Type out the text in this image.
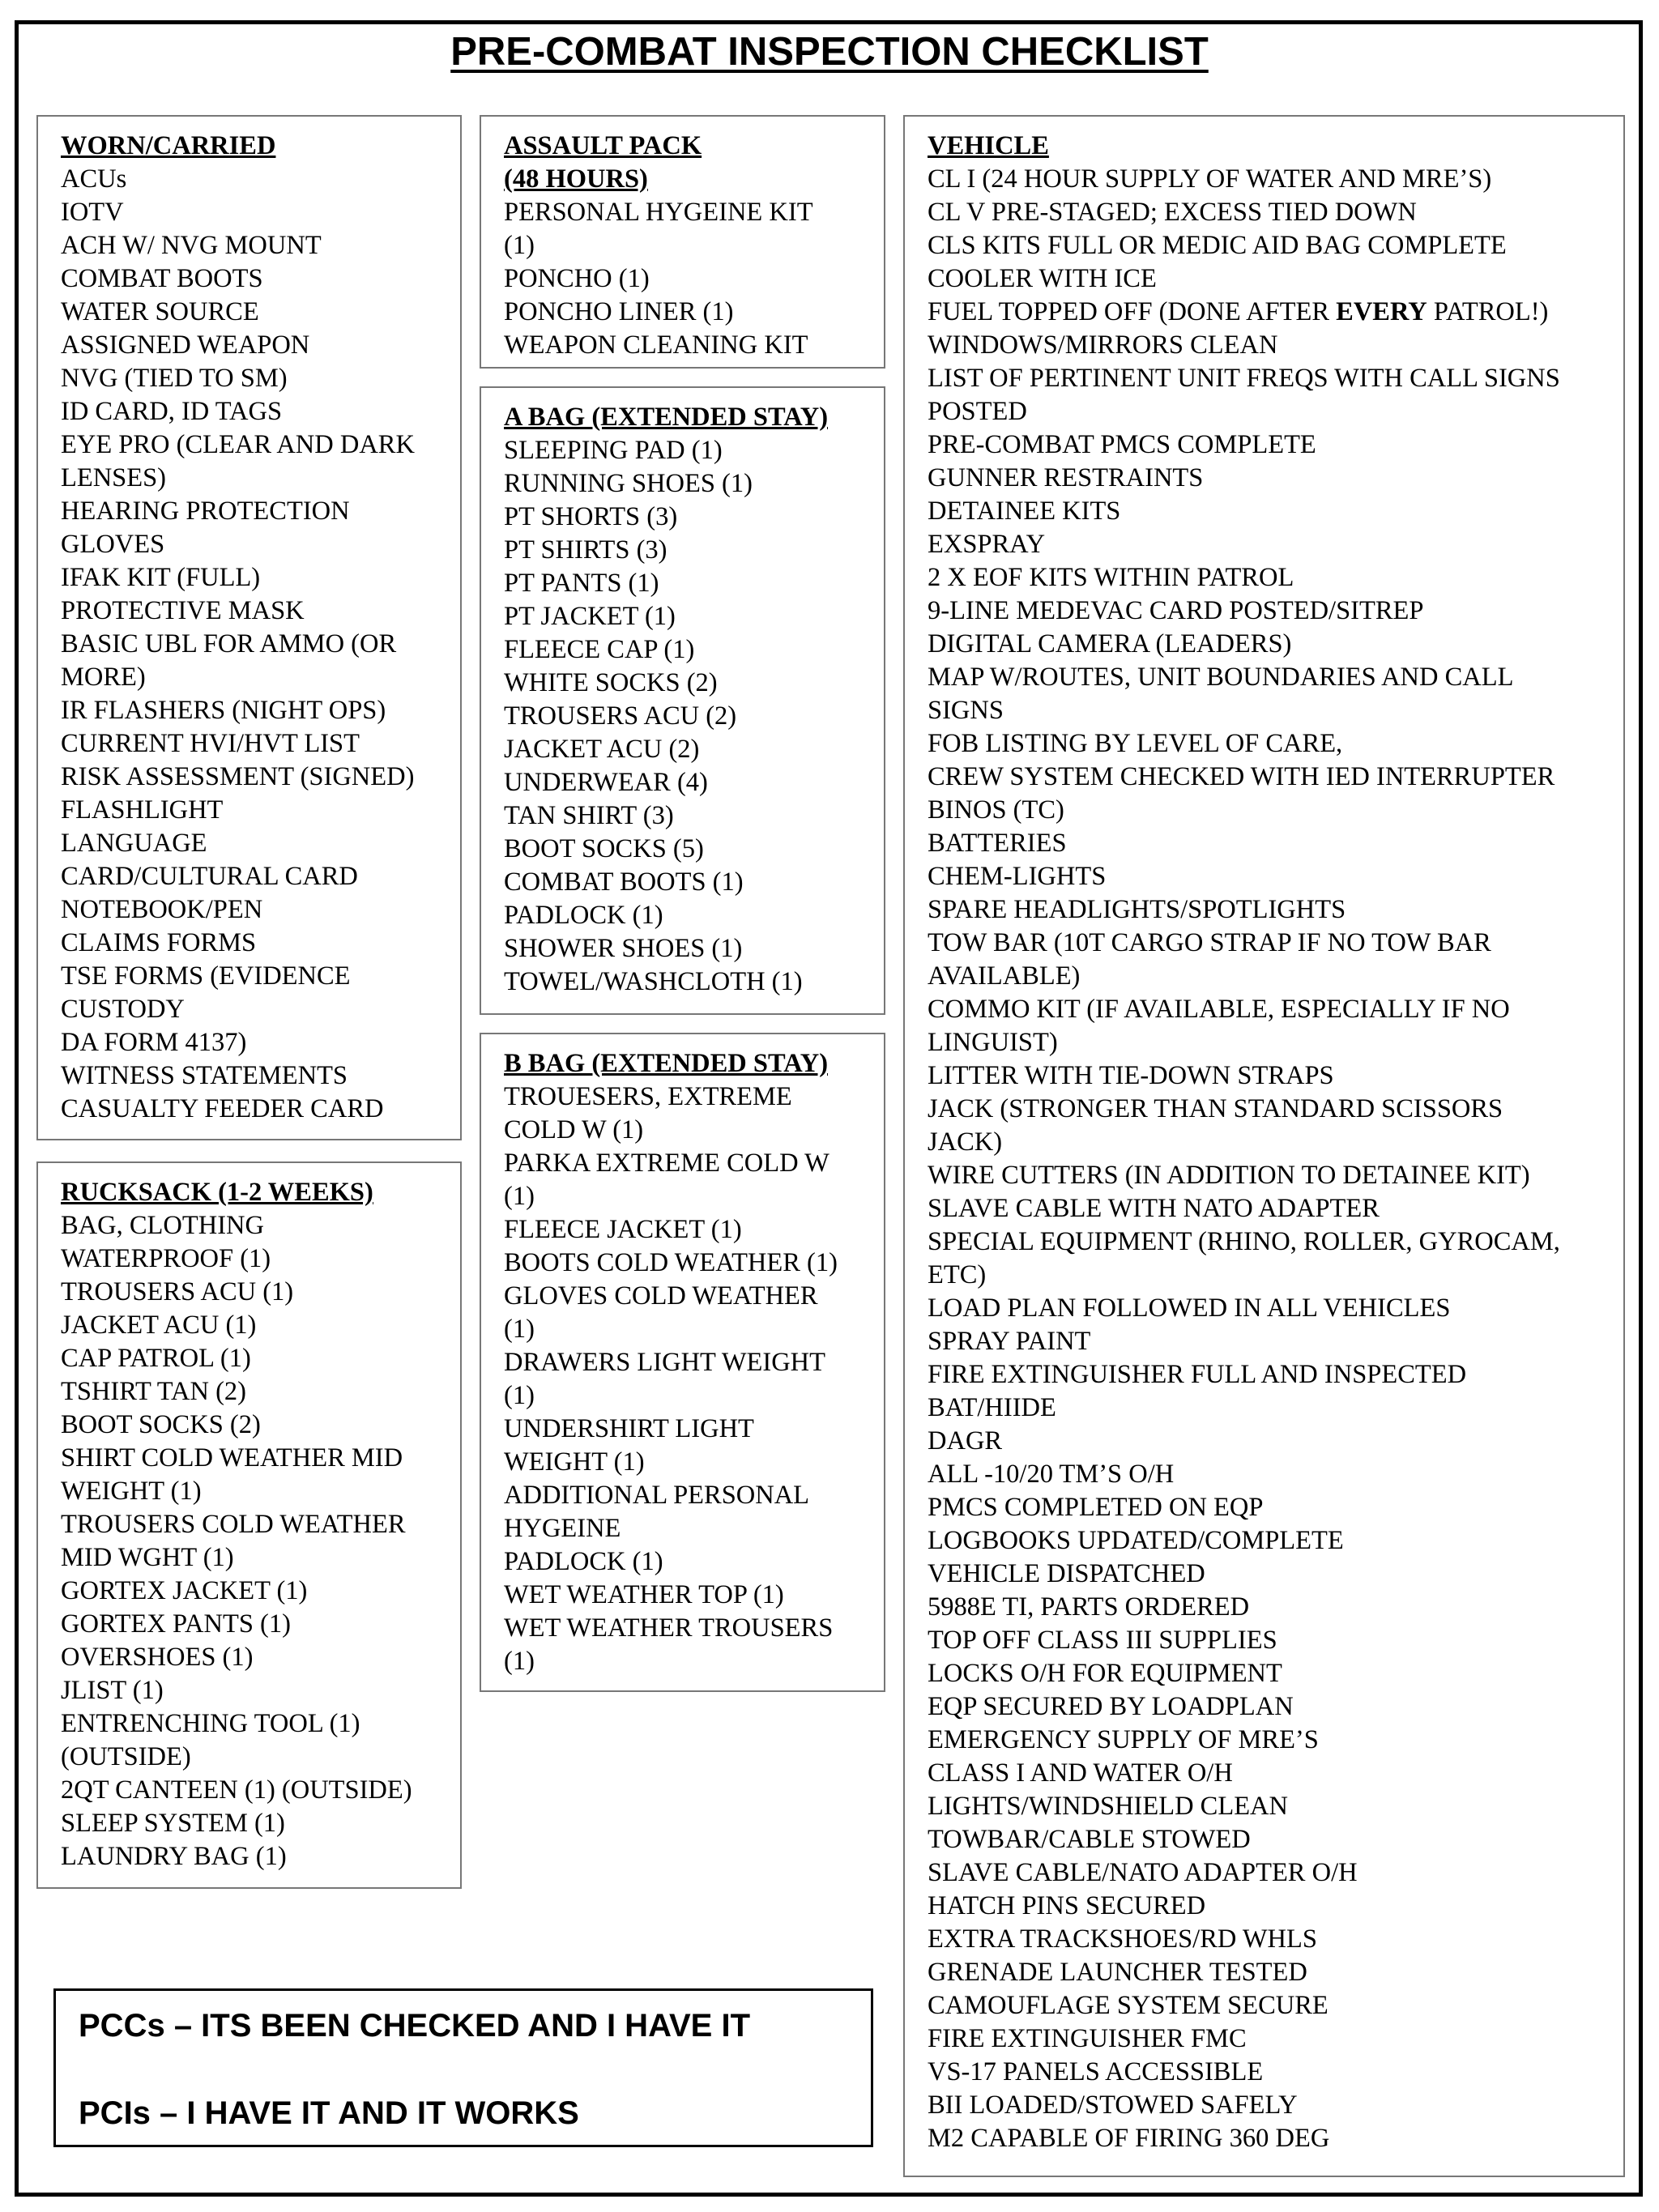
PRE-COMBAT INSPECTION CHECKLIST
WORN/CARRIED
ACUs
IOTV
ACH W/ NVG MOUNT
COMBAT BOOTS
WATER SOURCE
ASSIGNED WEAPON
NVG (TIED TO SM)
ID CARD, ID TAGS
EYE PRO (CLEAR AND DARK
LENSES)
HEARING PROTECTION
GLOVES
IFAK KIT (FULL)
PROTECTIVE MASK
BASIC UBL FOR AMMO (OR
MORE)
IR FLASHERS (NIGHT OPS)
CURRENT HVI/HVT LIST
RISK ASSESSMENT (SIGNED)
FLASHLIGHT
LANGUAGE
CARD/CULTURAL CARD
NOTEBOOK/PEN
CLAIMS FORMS
TSE FORMS (EVIDENCE
CUSTODY
DA FORM 4137)
WITNESS STATEMENTS
CASUALTY FEEDER CARD
RUCKSACK (1-2 WEEKS)
BAG, CLOTHING
WATERPROOF (1)
TROUSERS ACU (1)
JACKET ACU (1)
CAP PATROL (1)
TSHIRT TAN (2)
BOOT SOCKS (2)
SHIRT COLD WEATHER MID
WEIGHT (1)
TROUSERS COLD WEATHER
MID WGHT (1)
GORTEX JACKET (1)
GORTEX PANTS (1)
OVERSHOES (1)
JLIST (1)
ENTRENCHING TOOL (1)
(OUTSIDE)
2QT CANTEEN (1) (OUTSIDE)
SLEEP SYSTEM (1)
LAUNDRY BAG (1)
ASSAULT PACK
(48 HOURS)
PERSONAL HYGEINE KIT
(1)
PONCHO (1)
PONCHO LINER (1)
WEAPON CLEANING KIT
A BAG (EXTENDED STAY)
SLEEPING PAD (1)
RUNNING SHOES (1)
PT SHORTS (3)
PT SHIRTS (3)
PT PANTS (1)
PT JACKET (1)
FLEECE CAP (1)
WHITE SOCKS (2)
TROUSERS ACU (2)
JACKET ACU (2)
UNDERWEAR (4)
TAN SHIRT (3)
BOOT SOCKS (5)
COMBAT BOOTS (1)
PADLOCK (1)
SHOWER SHOES (1)
TOWEL/WASHCLOTH (1)
B BAG (EXTENDED STAY)
TROUESERS, EXTREME
COLD W (1)
PARKA EXTREME COLD W
(1)
FLEECE JACKET (1)
BOOTS COLD WEATHER (1)
GLOVES COLD WEATHER
(1)
DRAWERS LIGHT WEIGHT
(1)
UNDERSHIRT LIGHT
WEIGHT (1)
ADDITIONAL PERSONAL
HYGEINE
PADLOCK (1)
WET WEATHER TOP (1)
WET WEATHER TROUSERS
(1)
VEHICLE
CL I (24 HOUR SUPPLY OF WATER AND MRE’S)
CL V PRE-STAGED; EXCESS TIED DOWN
CLS KITS FULL OR MEDIC AID BAG COMPLETE
COOLER WITH ICE
FUEL TOPPED OFF (DONE AFTER EVERY PATROL!)
WINDOWS/MIRRORS CLEAN
LIST OF PERTINENT UNIT FREQS WITH CALL SIGNS
POSTED
PRE-COMBAT PMCS COMPLETE
GUNNER RESTRAINTS
DETAINEE KITS
EXSPRAY
2 X EOF KITS WITHIN PATROL
9-LINE MEDEVAC CARD POSTED/SITREP
DIGITAL CAMERA (LEADERS)
MAP W/ROUTES, UNIT BOUNDARIES AND CALL
SIGNS
FOB LISTING BY LEVEL OF CARE,
CREW SYSTEM CHECKED WITH IED INTERRUPTER
BINOS (TC)
BATTERIES
CHEM-LIGHTS
SPARE HEADLIGHTS/SPOTLIGHTS
TOW BAR (10T CARGO STRAP IF NO TOW BAR
AVAILABLE)
COMMO KIT (IF AVAILABLE, ESPECIALLY IF NO
LINGUIST)
LITTER WITH TIE-DOWN STRAPS
JACK (STRONGER THAN STANDARD SCISSORS
JACK)
WIRE CUTTERS (IN ADDITION TO DETAINEE KIT)
SLAVE CABLE WITH NATO ADAPTER
SPECIAL EQUIPMENT (RHINO, ROLLER, GYROCAM,
ETC)
LOAD PLAN FOLLOWED IN ALL VEHICLES
SPRAY PAINT
FIRE EXTINGUISHER FULL AND INSPECTED
BAT/HIIDE
DAGR
ALL -10/20 TM’S O/H
PMCS COMPLETED ON EQP
LOGBOOKS UPDATED/COMPLETE
VEHICLE DISPATCHED
5988E TI, PARTS ORDERED
TOP OFF CLASS III SUPPLIES
LOCKS O/H FOR EQUIPMENT
EQP SECURED BY LOADPLAN
EMERGENCY SUPPLY OF MRE’S
CLASS I AND WATER O/H
LIGHTS/WINDSHIELD CLEAN
TOWBAR/CABLE STOWED
SLAVE CABLE/NATO ADAPTER O/H
HATCH PINS SECURED
EXTRA TRACKSHOES/RD WHLS
GRENADE LAUNCHER TESTED
CAMOUFLAGE SYSTEM SECURE
FIRE EXTINGUISHER FMC
VS-17 PANELS ACCESSIBLE
BII LOADED/STOWED SAFELY
M2 CAPABLE OF FIRING 360 DEG
PCCs – ITS BEEN CHECKED AND I HAVE IT
PCIs – I HAVE IT AND IT WORKS
